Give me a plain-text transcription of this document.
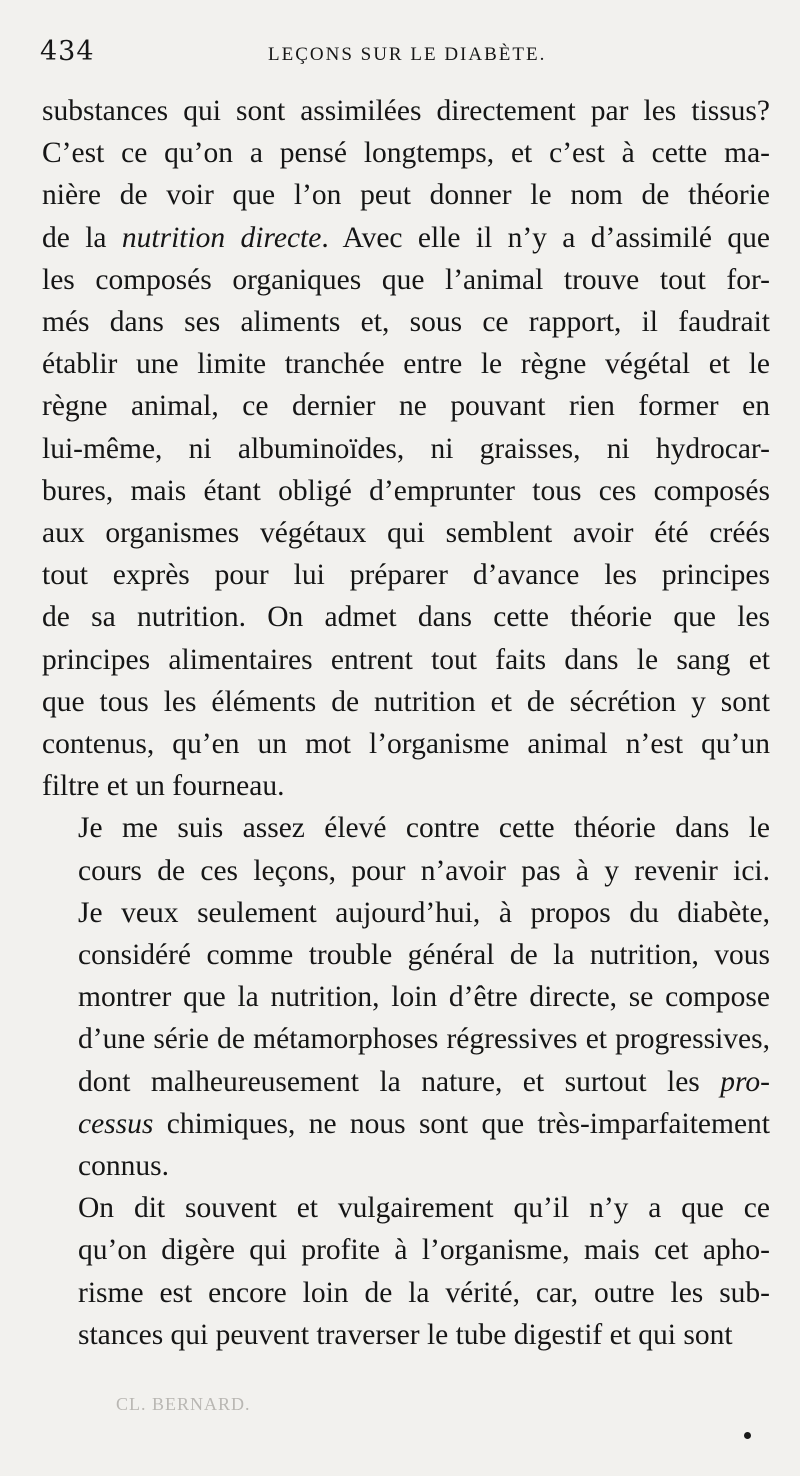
434	LEÇONS SUR LE DIABÈTE.

substances qui sont assimilées directement par les tissus?
C’est ce qu’on a pensé longtemps, et c’est à cette ma-
nière de voir que l’on peut donner le nom de théorie
de la nutrition directe. Avec elle il n’y a d’assimilé que
les composés organiques que l’animal trouve tout for-
més dans ses aliments et, sous ce rapport, il faudrait
établir une limite tranchée entre le règne végétal et le
règne animal, ce dernier ne pouvant rien former en
lui-même, ni albuminoïdes, ni graisses, ni hydrocar-
bures, mais étant obligé d’emprunter tous ces composés
aux organismes végétaux qui semblent avoir été créés
tout exprès pour lui préparer d’avance les principes
de sa nutrition. On admet dans cette théorie que les
principes alimentaires entrent tout faits dans le sang et
que tous les éléments de nutrition et de sécrétion y sont
contenus, qu’en un mot l’organisme animal n’est qu’un
filtre et un fourneau.

Je me suis assez élevé contre cette théorie dans le
cours de ces leçons, pour n’avoir pas à y revenir ici.
Je veux seulement aujourd’hui, à propos du diabète,
considéré comme trouble général de la nutrition, vous
montrer que la nutrition, loin d’être directe, se compose
d’une série de métamorphoses régressives et progressives,
dont malheureusement la nature, et surtout les pro-
cessus chimiques, ne nous sont que très-imparfaitement
connus.

On dit souvent et vulgairement qu’il n’y a que ce
qu’on digère qui profite à l’organisme, mais cet apho-
risme est encore loin de la vérité, car, outre les sub-
stances qui peuvent traverser le tube digestif et qui sont

CL. BERNARD.
